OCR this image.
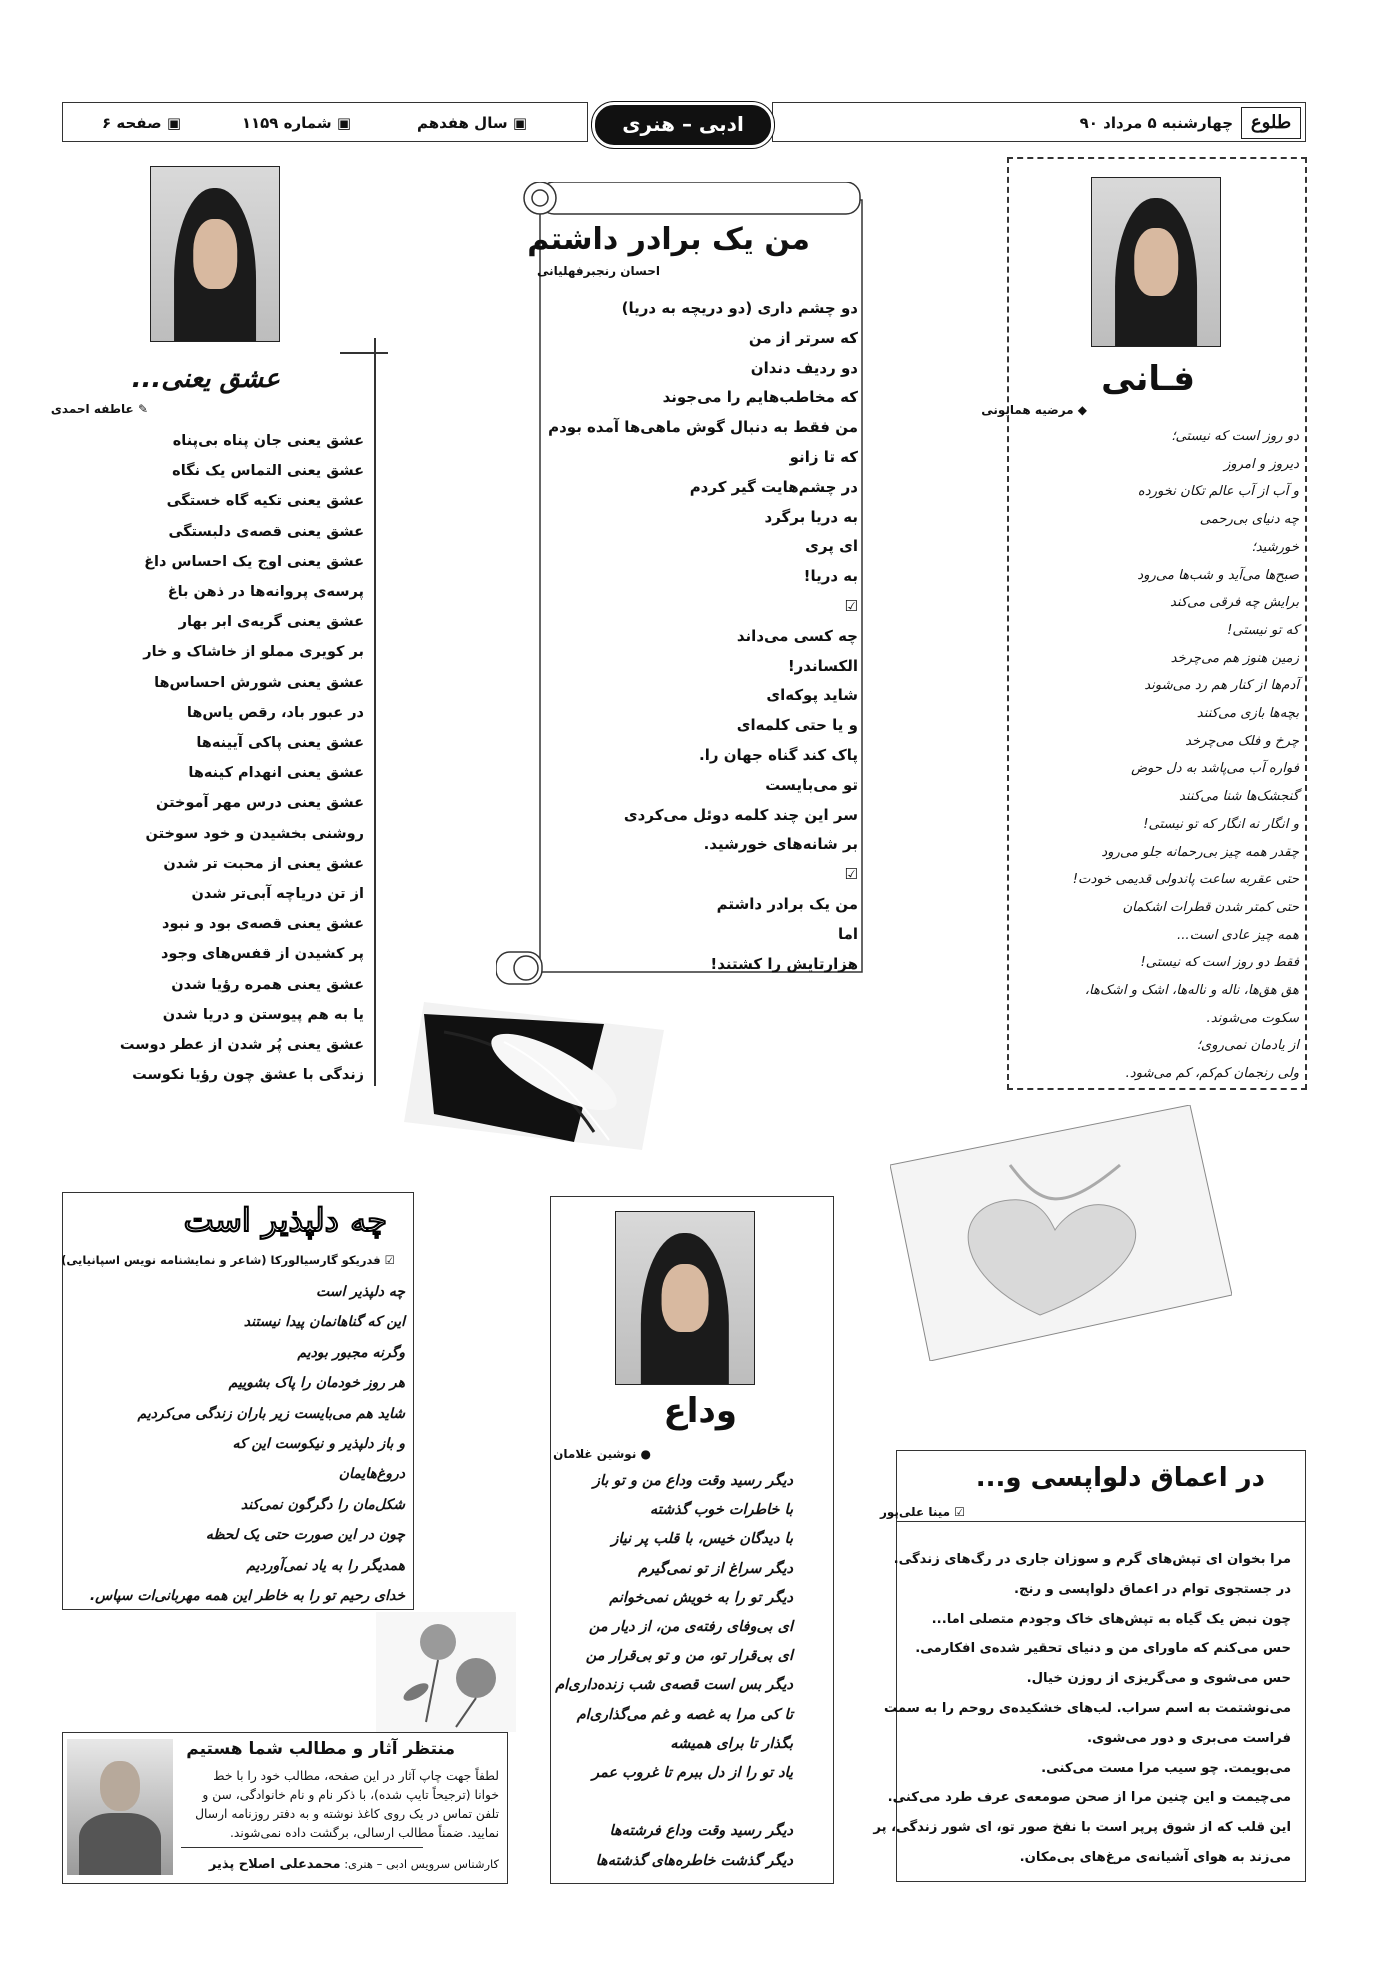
طلوع
چهارشنبه ۵ مرداد ۹۰
ادبی – هنری
▣ سال هفدهم
▣ شماره ۱۱۵۹
▣ صفحه ۶
فـانی
◆ مرضیه همایونی
دو روز است که نیستی؛
دیروز و امروز
و آب از آب عالم تکان نخورده
چه دنیای بی‌رحمی
خورشید؛
صبح‌ها می‌آید و شب‌ها می‌رود
برایش چه فرقی می‌کند
که تو نیستی!
زمین هنوز هم می‌چرخد
آدم‌ها از کنار هم رد می‌شوند
بچه‌ها بازی می‌کنند
چرخ و فلک می‌چرخد
فواره آب می‌پاشد به دل حوض
گنجشک‌ها شنا می‌کنند
و انگار نه انگار که تو نیستی!
چقدر همه چیز بی‌رحمانه جلو می‌رود
حتی عقربه ساعت پاندولی قدیمی خودت!
حتی کمتر شدن قطرات اشکمان
همه چیز عادی است...
فقط دو روز است که نیستی!
هق هق‌ها، ناله و ناله‌ها، اشک و اشک‌ها،
سکوت می‌شوند.
از یادمان نمی‌روی؛
ولی رنجمان کم‌کم، کم می‌شود.
من یک برادر داشتم
احسان رنجبرفهلیانی
دو چشم داری (دو دریچه به دریا)
که سرتر از من
دو ردیف دندان
که مخاطب‌هایم را می‌جوند
من فقط به دنبال گوش ماهی‌ها آمده بودم
که تا زانو
در چشم‌هایت گیر کردم
به دریا برگرد
ای پری
به دریا!
☑
چه کسی می‌داند
الکساندر!
شاید پوکه‌ای
و یا حتی کلمه‌ای
پاک کند گناه جهان را.
تو می‌بایست
سر این چند کلمه دوئل می‌کردی
بر شانه‌های خورشید.
☑
من یک برادر داشتم
اما
هزارتایش را کشتند!
عشق یعنی...
✎ عاطفه احمدی
عشق یعنی جان پناه بی‌پناه
عشق یعنی التماس یک نگاه
عشق یعنی تکیه گاه خستگی
عشق یعنی قصه‌ی دلبستگی
عشق یعنی اوج یک احساس داغ
پرسه‌ی پروانه‌ها در ذهن باغ
عشق یعنی گریه‌ی ابر بهار
بر کویری مملو از خاشاک و خار
عشق یعنی شورش احساس‌ها
در عبور باد، رقص یاس‌ها
عشق یعنی پاکی آیینه‌ها
عشق یعنی انهدام کینه‌ها
عشق یعنی درس مهر آموختن
روشنی بخشیدن و خود سوختن
عشق یعنی از محبت تر شدن
از تن دریاچه آبی‌تر شدن
عشق یعنی قصه‌ی بود و نبود
پر کشیدن از قفس‌های وجود
عشق یعنی همره رؤیا شدن
یا به هم پیوستن و دریا شدن
عشق یعنی پُر شدن از عطر دوست
زندگی با عشق چون رؤیا نکوست
چه دلپذیر است
☑ فدریکو گارسیالورکا (شاعر و نمایشنامه نویس اسپانیایی)
چه دلپذیر است
این که گناهانمان پیدا نیستند
وگرنه مجبور بودیم
هر روز خودمان را پاک بشوییم
شاید هم می‌بایست زیر باران زندگی می‌کردیم
و باز دلپذیر و نیکوست این که
دروغ‌هایمان
شکل‌مان را دگرگون نمی‌کند
چون در این صورت حتی یک لحظه
همدیگر را به یاد نمی‌آوردیم
خدای رحیم تو را به خاطر این همه مهربانی‌ات سپاس.
منتظر آثار و مطالب شما هستیم
لطفاً جهت چاپ آثار در این صفحه، مطالب خود را با خط
خوانا (ترجیحاً تایپ شده)، با ذکر نام و نام خانوادگی، سن و
تلفن تماس در یک روی کاغذ نوشته و به دفتر روزنامه ارسال
نمایید. ضمناً مطالب ارسالی، برگشت داده نمی‌شوند.
کارشناس سرویس ادبی – هنری: محمدعلی اصلاح پذیر
وداع
● نوشین غلامان
دیگر رسید وقت وداع من و تو باز
با خاطرات خوب گذشته
با دیدگان خیس، با قلب پر نیاز
دیگر سراغ از تو نمی‌گیرم
دیگر تو را به خویش نمی‌خوانم
ای بی‌وفای رفته‌ی من، از دیار من
ای بی‌قرار تو، من و تو بی‌قرار من
دیگر بس است قصه‌ی شب زنده‌داری‌ام
تا کی مرا به غصه و غم می‌گذاری‌ام
بگذار تا برای همیشه
یاد تو را از دل ببرم تا غروب عمر

دیگر رسید وقت وداع فرشته‌ها
دیگر گذشت خاطره‌های گذشته‌ها
در اعماق دلواپسی و...
☑ مینا علی‌پور
مرا بخوان ای تپش‌های گرم و سوزان جاری در رگ‌های زندگی.
در جستجوی توام در اعماق دلواپسی و رنج.
چون نبض یک گیاه به تپش‌های خاک وجودم متصلی اما...
حس می‌کنم که ماورای من و دنیای تحقیر شده‌ی افکارمی.
حس می‌شوی و می‌گریزی از روزن خیال.
می‌نوشتمت به اسم سراب. لب‌های خشکیده‌ی روحم را به سمت
فراست می‌بری و دور می‌شوی.
می‌بویمت. چو سیب مرا مست می‌کنی.
می‌چیمت و این چنین مرا از صحن صومعه‌ی عرف طرد می‌کنی.
این قلب که از شوق پرپر است با نفخ صور تو، ای شور زندگی، پر
می‌زند به هوای آشیانه‌ی مرغ‌های بی‌مکان.
